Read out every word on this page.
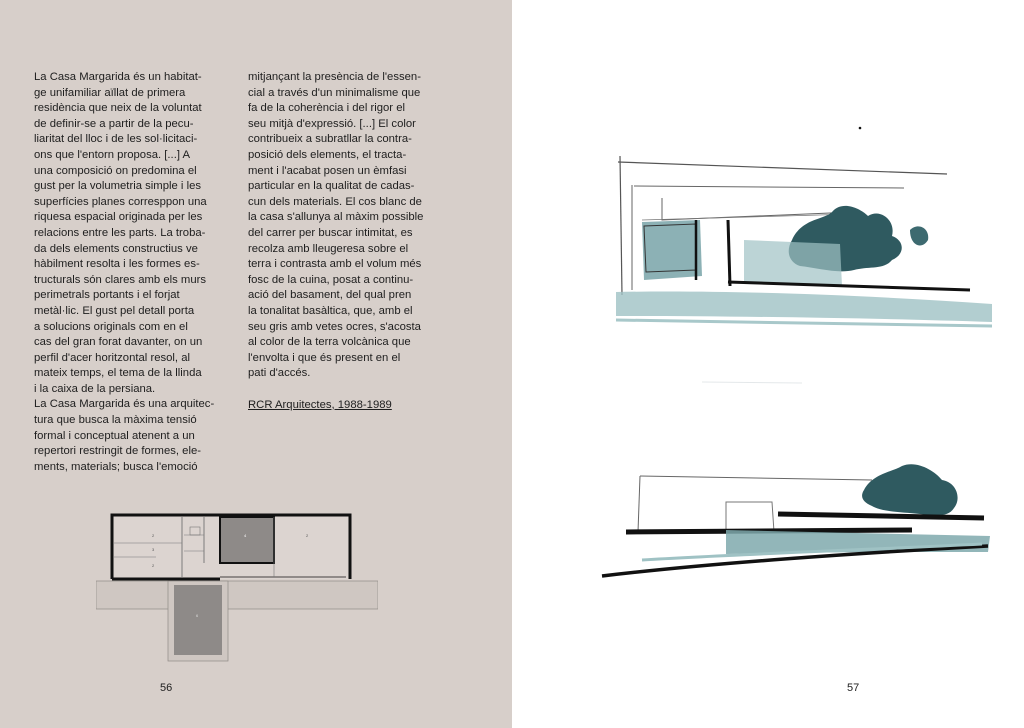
La Casa Margarida és un habitat-

ge unifamiliar aïllat de primera

residència que neix de la voluntat

de definir-se a partir de la pecu-

liaritat del lloc i de les sol·licitaci-

ons que l'entorn proposa. [...] A

una composició on predomina el

gust per la volumetria simple i les

superfícies planes corresppon una

riquesa espacial originada per les

relacions entre les parts. La troba-

da dels elements constructius ve

hàbilment resolta i les formes es-

tructurals són clares amb els murs

perimetrals portants i el forjat

metàl·lic. El gust pel detall porta

a solucions originals com en el

cas del gran forat davanter, on un

perfil d'acer horitzontal resol, al

mateix temps, el tema de la llinda

i la caixa de la persiana.

La Casa Margarida és una arquitec-

tura que busca la màxima tensió

formal i conceptual atenent a un

repertori restringit de formes, ele-

ments, materials; busca l'emoció

mitjançant la presència de l'essen-

cial a través d'un minimalisme que

fa de la coherència i del rigor el

seu mitjà d'expressió. [...] El color

contribueix a subratllar la contra-

posició dels elements, el tracta-

ment i l'acabat posen un èmfasi

particular en la qualitat de cadas-

cun dels materials. El cos blanc de

la casa s'allunya al màxim possible

del carrer per buscar intimitat, es

recolza amb lleugeresa sobre el

terra i contrasta amb el volum més

fosc de la cuina, posat a continu-

ació del basament, del qual pren

la tonalitat basàltica, que, amb el

seu gris amb vetes ocres, s'acosta

al color de la terra volcànica que

l'envolta i que és present en el

pati d'accés.

RCR Arquitectes, 1988-1989

2
3
2
4	2
6
56	57
